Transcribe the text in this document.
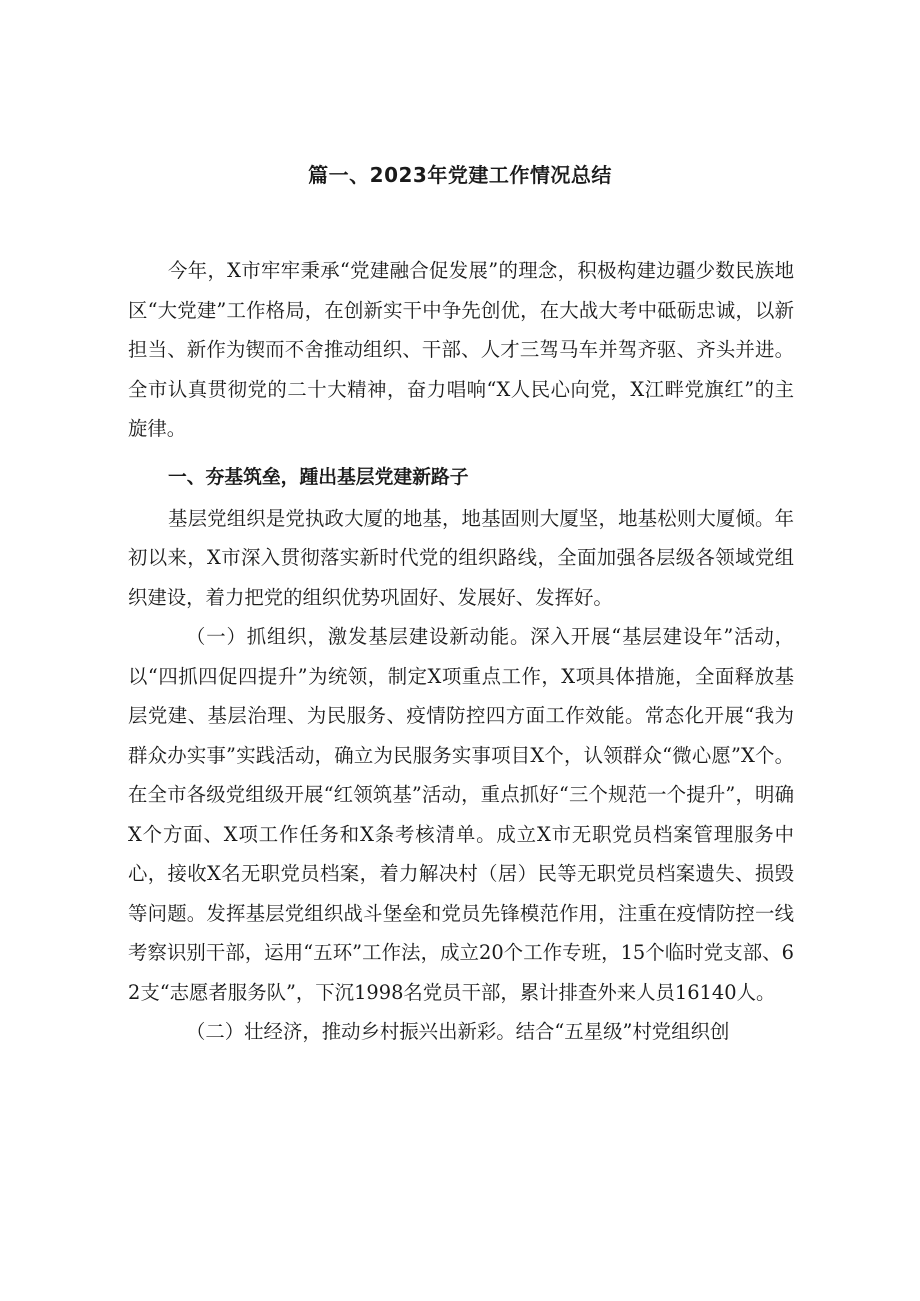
篇一、2023年党建工作情况总结

今年，X市牢牢秉承“党建融合促发展”的理念，积极构建边疆少数民族地区“大党建”工作格局，在创新实干中争先创优，在大战大考中砥砺忠诚，以新担当、新作为锲而不舍推动组织、干部、人才三驾马车并驾齐驱、齐头并进。全市认真贯彻党的二十大精神，奋力唱响“X人民心向党，X江畔党旗红”的主旋律。

一、夯基筑垒，踵出基层党建新路子

基层党组织是党执政大厦的地基，地基固则大厦坚，地基松则大厦倾。年初以来，X市深入贯彻落实新时代党的组织路线，全面加强各层级各领域党组织建设，着力把党的组织优势巩固好、发展好、发挥好。

（一）抓组织，激发基层建设新动能。深入开展“基层建设年”活动，以“四抓四促四提升”为统领，制定X项重点工作，X项具体措施，全面释放基层党建、基层治理、为民服务、疫情防控四方面工作效能。常态化开展“我为群众办实事”实践活动，确立为民服务实事项目X个，认领群众“微心愿”X个。在全市各级党组级开展“红领筑基”活动，重点抓好“三个规范一个提升”，明确X个方面、X项工作任务和X条考核清单。成立X市无职党员档案管理服务中心，接收X名无职党员档案，着力解决村（居）民等无职党员档案遗失、损毁等问题。发挥基层党组织战斗堡垒和党员先锋模范作用，注重在疫情防控一线考察识别干部，运用“五环”工作法，成立20个工作专班，15个临时党支部、62支“志愿者服务队”，下沉1998名党员干部，累计排查外来人员16140人。

（二）壮经济，推动乡村振兴出新彩。结合“五星级”村党组织创
